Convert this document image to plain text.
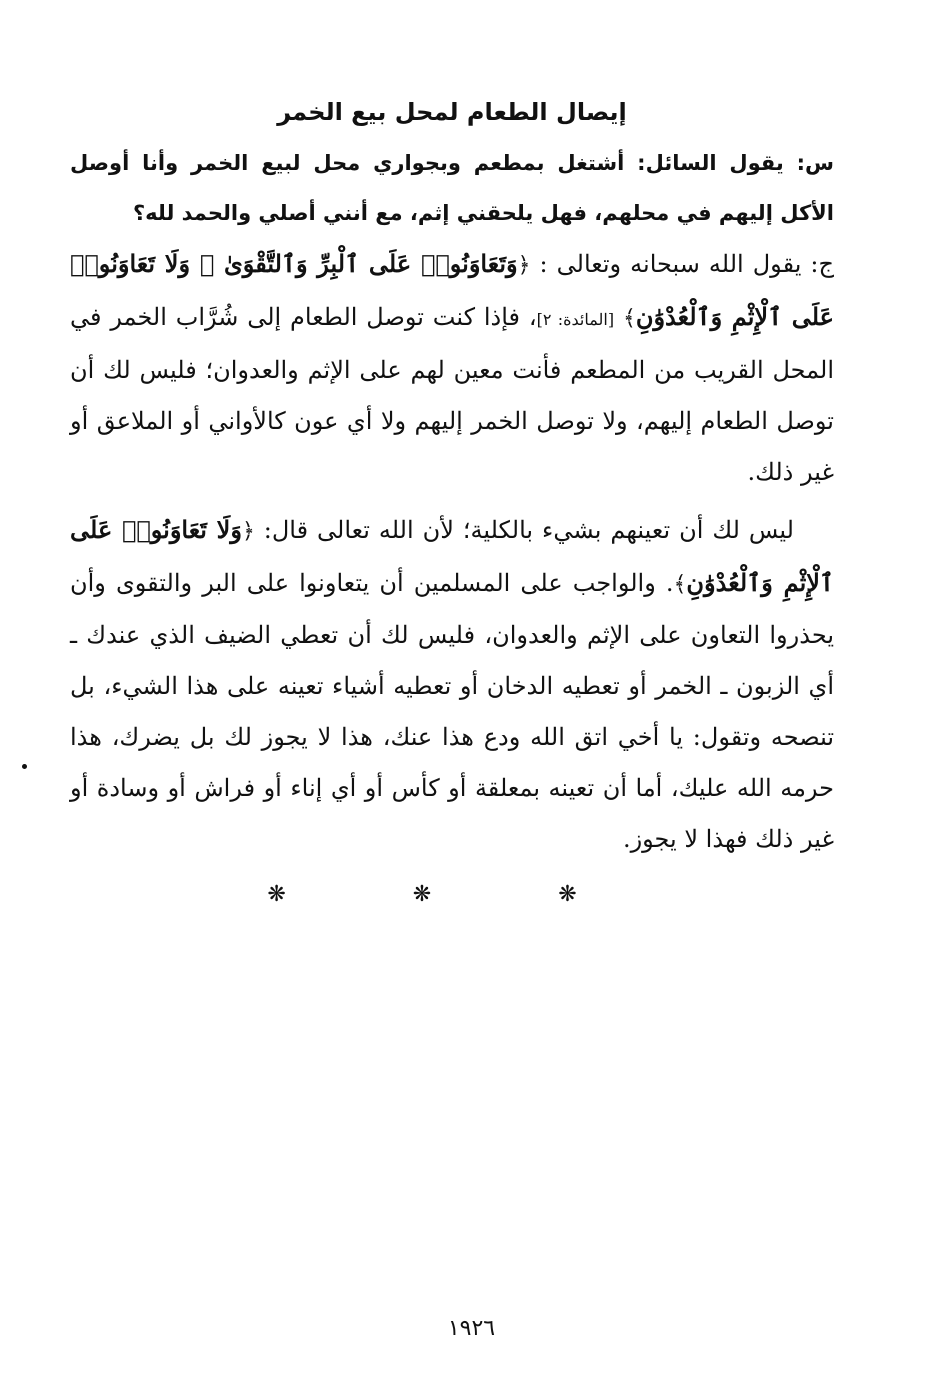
إيصال الطعام لمحل بيع الخمر

س: يقول السائل: أشتغل بمطعم وبجواري محل لبيع الخمر وأنا أوصل الأكل إليهم في محلهم، فهل يلحقني إثم، مع أنني أصلي والحمد لله؟

ج: يقول الله سبحانه وتعالى : ﴿وَتَعَاوَنُوا۟ عَلَى ٱلْبِرِّ وَٱلتَّقْوَىٰ ۖ وَلَا تَعَاوَنُوا۟ عَلَى ٱلْإِثْمِ وَٱلْعُدْوَٰنِ﴾ [المائدة: ٢]، فإذا كنت توصل الطعام إلى شُرَّاب الخمر في المحل القريب من المطعم فأنت معين لهم على الإثم والعدوان؛ فليس لك أن توصل الطعام إليهم، ولا توصل الخمر إليهم ولا أي عون كالأواني أو الملاعق أو غير ذلك.

ليس لك أن تعينهم بشيء بالكلية؛ لأن الله تعالى قال: ﴿وَلَا تَعَاوَنُوا۟ عَلَى ٱلْإِثْمِ وَٱلْعُدْوَٰنِ﴾. والواجب على المسلمين أن يتعاونوا على البر والتقوى وأن يحذروا التعاون على الإثم والعدوان، فليس لك أن تعطي الضيف الذي عندك ـ أي الزبون ـ الخمر أو تعطيه الدخان أو تعطيه أشياء تعينه على هذا الشيء، بل تنصحه وتقول: يا أخي اتق الله ودع هذا عنك، هذا لا يجوز لك بل يضرك، هذا حرمه الله عليك، أما أن تعينه بمعلقة أو كأس أو أي إناء أو فراش أو وسادة أو غير ذلك فهذا لا يجوز.

❋ ❋ ❋
١٩٢٦
